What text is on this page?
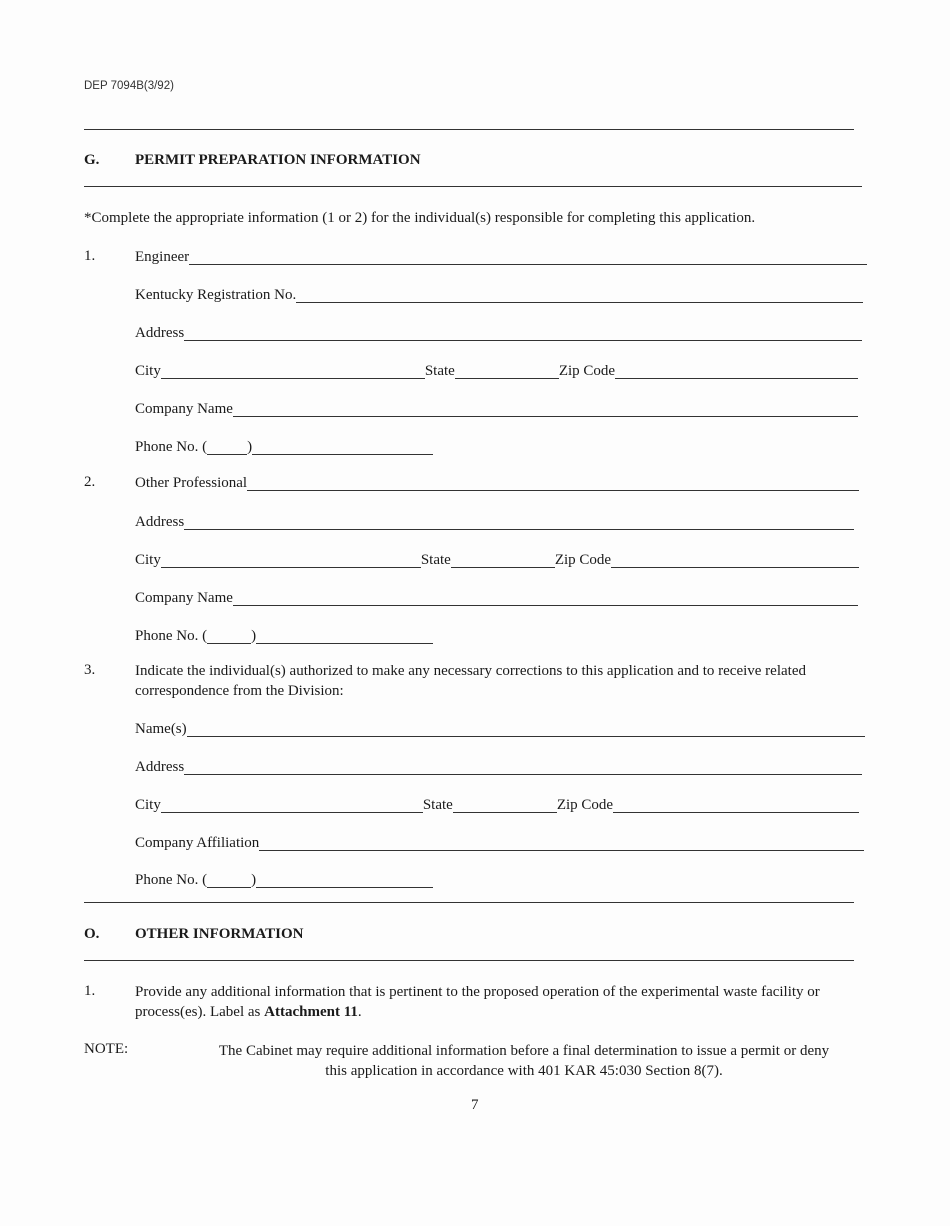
DEP 7094B(3/92)
G. PERMIT PREPARATION INFORMATION
*Complete the appropriate information (1 or 2) for the individual(s) responsible for completing this application.
1.	Engineer
Kentucky Registration No.
Address
City	State	Zip Code
Company Name
Phone No. (	)
2.	Other Professional
Address
City	State	Zip Code
Company Name
Phone No. (	)
3.	Indicate the individual(s) authorized to make any necessary corrections to this application and to receive related correspondence from the Division:
Name(s)
Address
City	State	Zip Code
Company Affiliation
Phone No. (	)
O. OTHER INFORMATION
1.	Provide any additional information that is pertinent to the proposed operation of the experimental waste facility or process(es). Label as Attachment 11.
NOTE:	The Cabinet may require additional information before a final determination to issue a permit or deny
this application in accordance with 401 KAR 45:030 Section 8(7).
7
